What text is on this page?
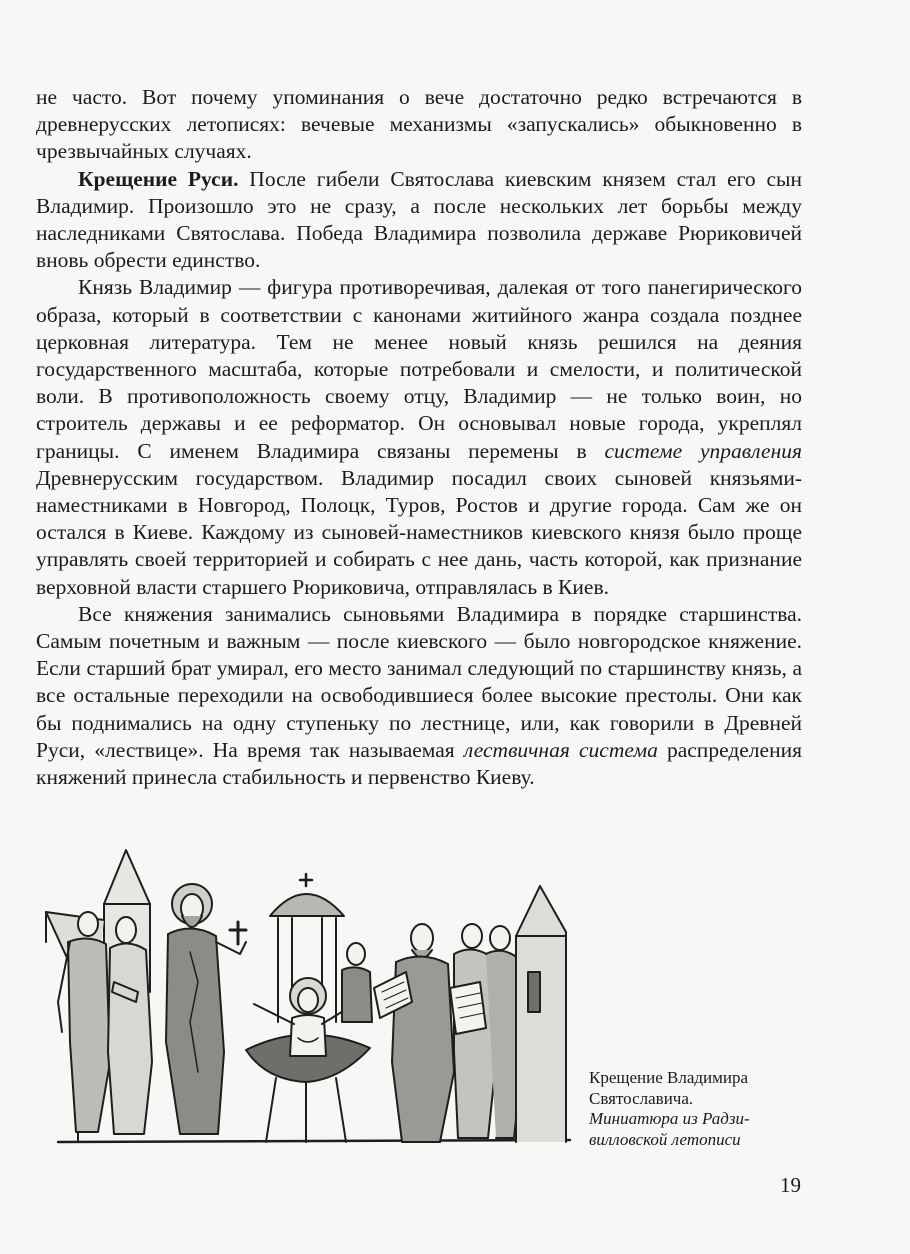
не часто. Вот почему упоминания о вече достаточно редко встречаются в древнерусских летописях: вечевые механизмы «запускались» обыкновенно в чрезвычайных случаях.

Крещение Руси. После гибели Святослава киевским князем стал его сын Владимир. Произошло это не сразу, а после нескольких лет борьбы между наследниками Святослава. Победа Владимира позволила державе Рюриковичей вновь обрести единство.

Князь Владимир — фигура противоречивая, далекая от того панегирического образа, который в соответствии с канонами житийного жанра создала позднее церковная литература. Тем не менее новый князь решился на деяния государственного масштаба, которые потребовали и смелости, и политической воли. В противоположность своему отцу, Владимир — не только воин, но строитель державы и ее реформатор. Он основывал новые города, укреплял границы. С именем Владимира связаны перемены в системе управления Древнерусским государством. Владимир посадил своих сыновей князьями-наместниками в Новгород, Полоцк, Туров, Ростов и другие города. Сам же он остался в Киеве. Каждому из сыновей-наместников киевского князя было проще управлять своей территорией и собирать с нее дань, часть которой, как признание верховной власти старшего Рюриковича, отправлялась в Киев.

Все княжения занимались сыновьями Владимира в порядке старшинства. Самым почетным и важным — после киевского — было новгородское княжение. Если старший брат умирал, его место занимал следующий по старшинству князь, а все остальные переходили на освободившиеся более высокие престолы. Они как бы поднимались на одну ступеньку по лестнице, или, как говорили в Древней Руси, «лествице». На время так называемая лествичная система распределения княжений принесла стабильность и первенство Киеву.

Крещение Владимира
Святославича.
Миниатюра из Радзи-
вилловской летописи
19
